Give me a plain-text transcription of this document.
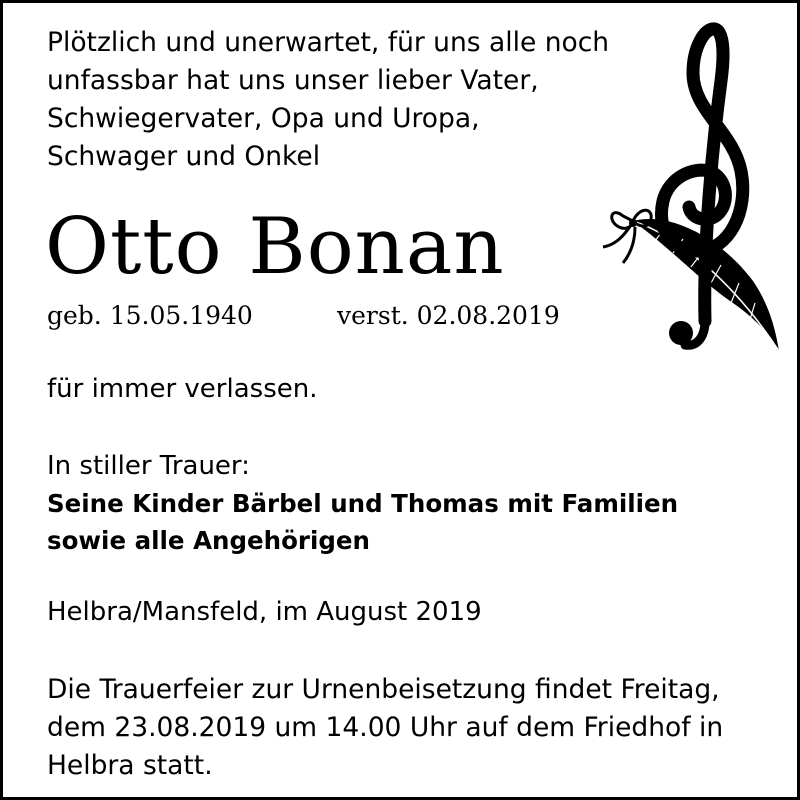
Plötzlich und unerwartet, für uns alle noch
unfassbar hat uns unser lieber Vater,
Schwiegervater, Opa und Uropa,
Schwager und Onkel
Otto Bonan
geb. 15.05.1940	verst. 02.08.2019
für immer verlassen.
In stiller Trauer:
Seine Kinder Bärbel und Thomas mit Familien
sowie alle Angehörigen
Helbra/Mansfeld, im August 2019
Die Trauerfeier zur Urnenbeisetzung findet Freitag,
dem 23.08.2019 um 14.00 Uhr auf dem Friedhof in
Helbra statt.
